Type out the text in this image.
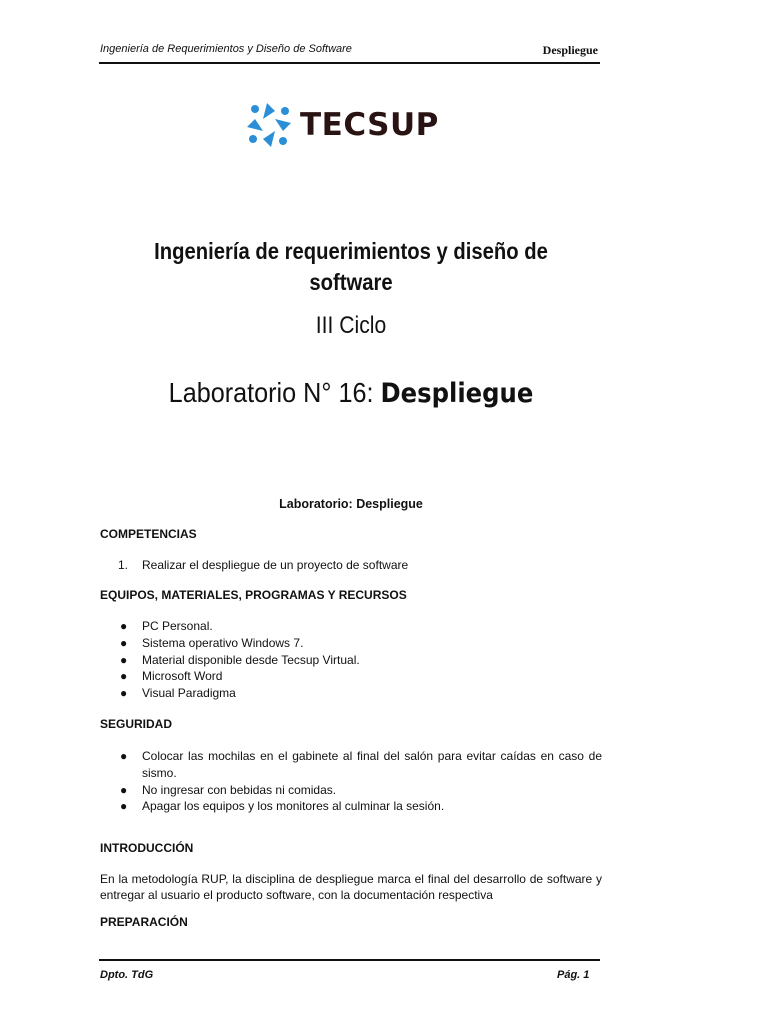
Ingeniería de Requerimientos y Diseño de Software	Despliegue
TECSUP
Ingeniería de requerimientos y diseño de
software
III Ciclo
Laboratorio N° 16: Despliegue
Laboratorio: Despliegue
COMPETENCIAS
1. Realizar el despliegue de un proyecto de software
EQUIPOS, MATERIALES, PROGRAMAS Y RECURSOS
● PC Personal.
● Sistema operativo Windows 7.
● Material disponible desde Tecsup Virtual.
● Microsoft Word
● Visual Paradigma
SEGURIDAD
● Colocar las mochilas en el gabinete al final del salón para evitar caídas en caso de sismo.
● No ingresar con bebidas ni comidas.
● Apagar los equipos y los monitores al culminar la sesión.
INTRODUCCIÓN
En la metodología RUP, la disciplina de despliegue marca el final del desarrollo de software y entregar al usuario el producto software, con la documentación respectiva
PREPARACIÓN
Dpto. TdG	Pág. 1
